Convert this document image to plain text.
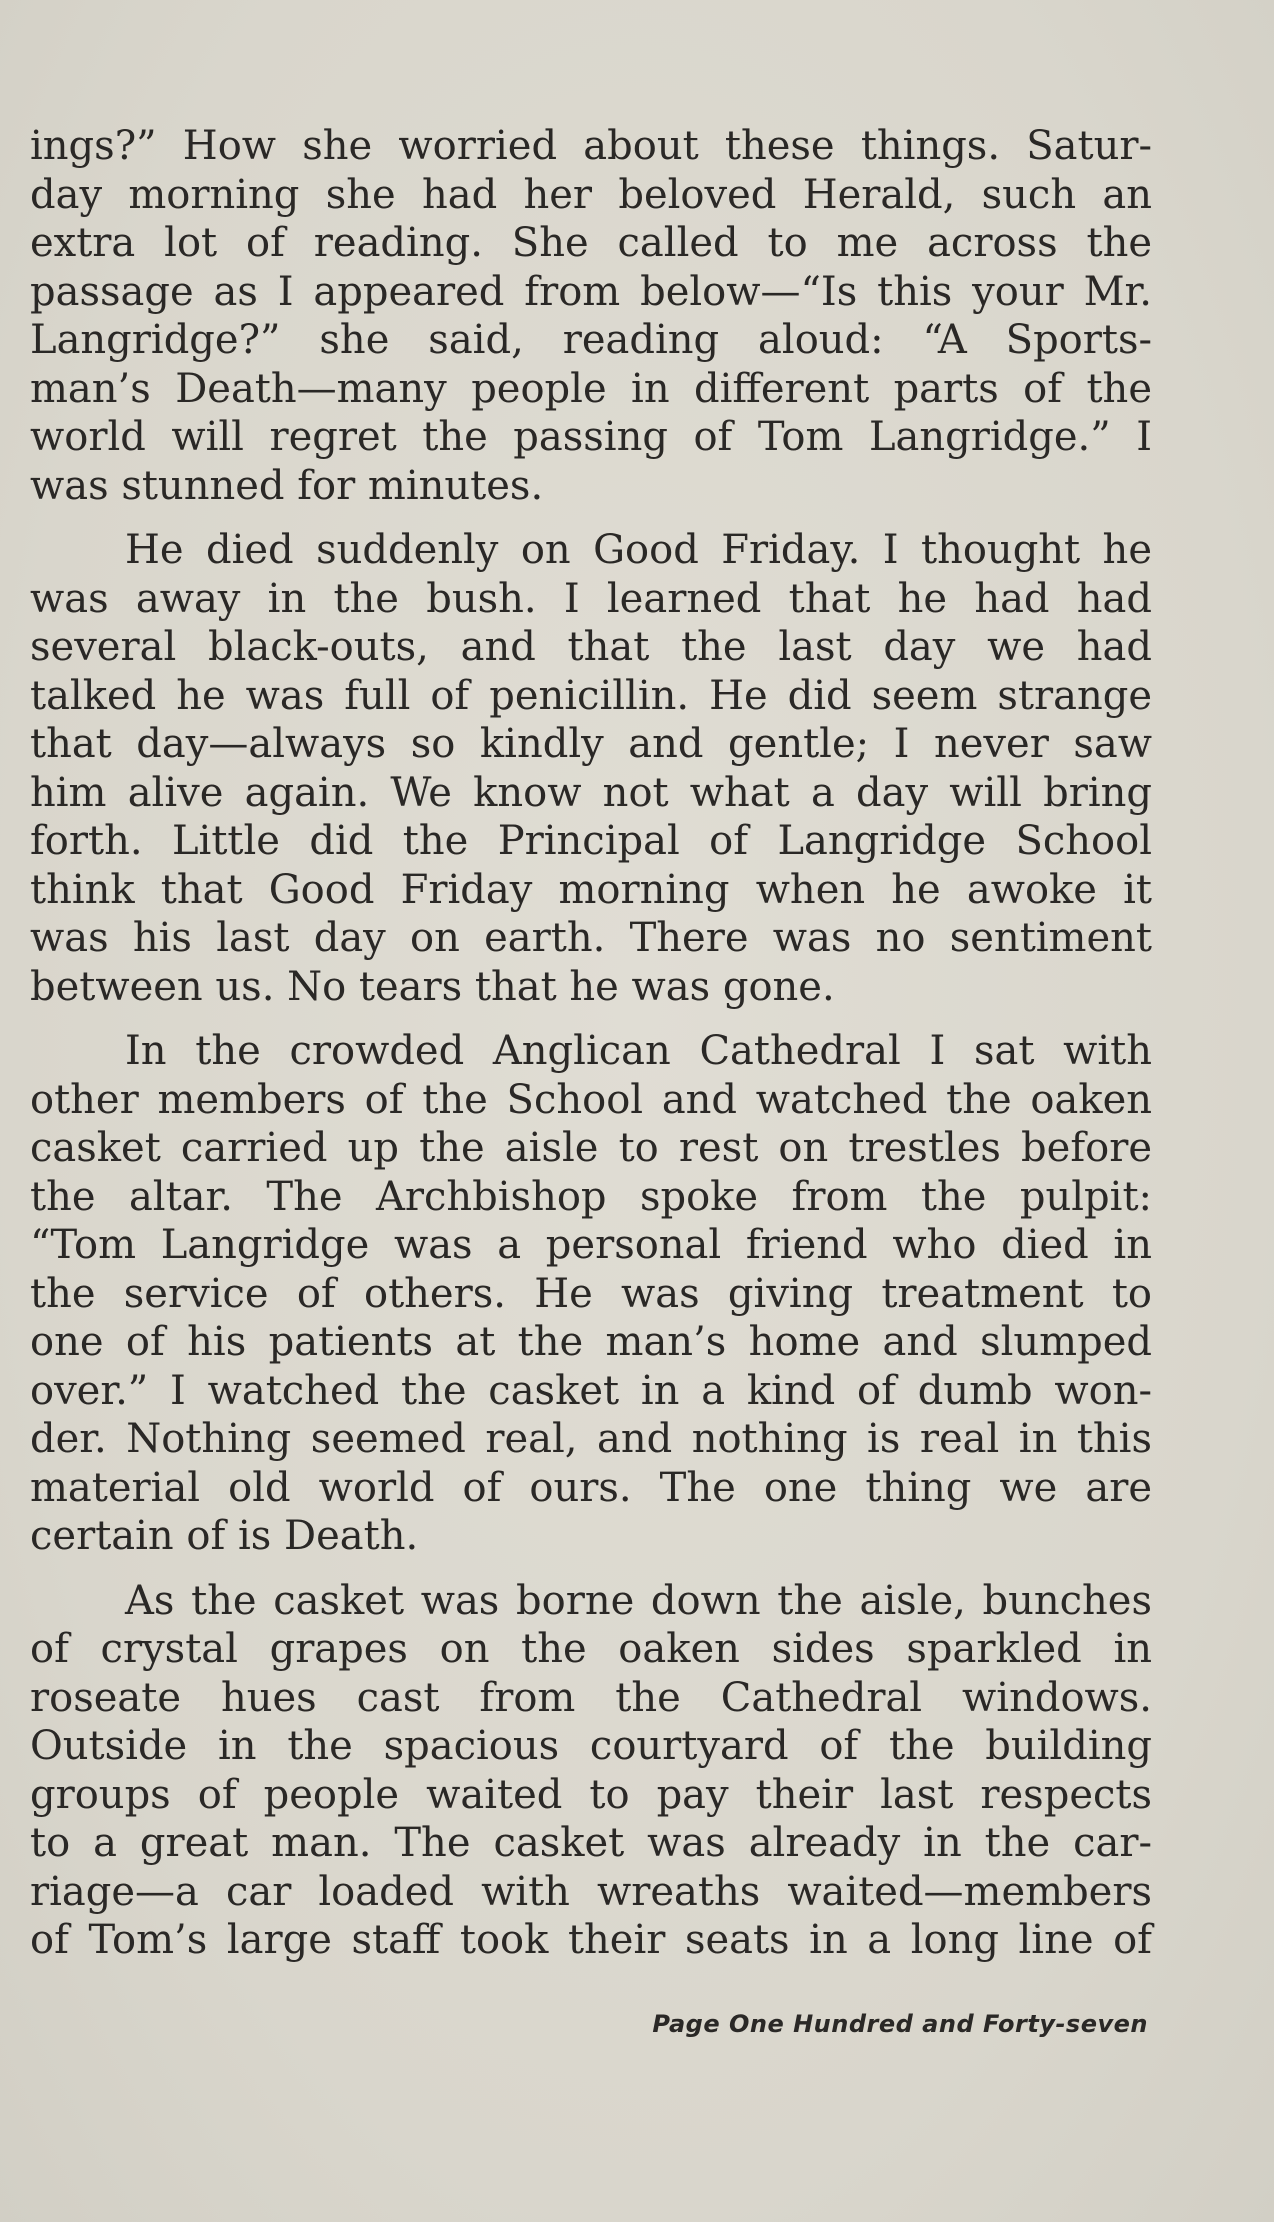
ings?” How she worried about these things. Satur-
day morning she had her beloved Herald, such an
extra lot of reading. She called to me across the
passage as I appeared from below—“Is this your Mr.
Langridge?” she said, reading aloud: “A Sports-
man’s Death—many people in different parts of the
world will regret the passing of Tom Langridge.” I
was stunned for minutes.
He died suddenly on Good Friday. I thought he
was away in the bush. I learned that he had had
several black-outs, and that the last day we had
talked he was full of penicillin. He did seem strange
that day—always so kindly and gentle; I never saw
him alive again. We know not what a day will bring
forth. Little did the Principal of Langridge School
think that Good Friday morning when he awoke it
was his last day on earth. There was no sentiment
between us. No tears that he was gone.
In the crowded Anglican Cathedral I sat with
other members of the School and watched the oaken
casket carried up the aisle to rest on trestles before
the altar. The Archbishop spoke from the pulpit:
“Tom Langridge was a personal friend who died in
the service of others. He was giving treatment to
one of his patients at the man’s home and slumped
over.” I watched the casket in a kind of dumb won-
der. Nothing seemed real, and nothing is real in this
material old world of ours. The one thing we are
certain of is Death.
As the casket was borne down the aisle, bunches
of crystal grapes on the oaken sides sparkled in
roseate hues cast from the Cathedral windows.
Outside in the spacious courtyard of the building
groups of people waited to pay their last respects
to a great man. The casket was already in the car-
riage—a car loaded with wreaths waited—members
of Tom’s large staff took their seats in a long line of
Page One Hundred and Forty-seven
